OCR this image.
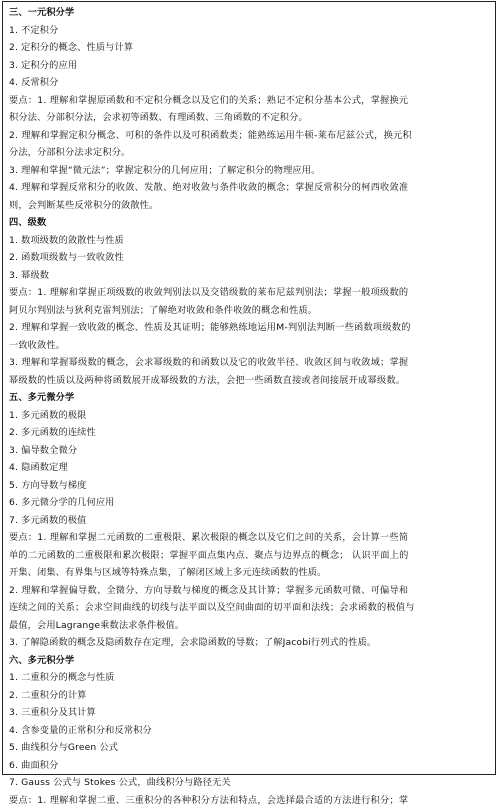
三、一元积分学
1. 不定积分
2. 定积分的概念、性质与计算
3. 定积分的应用
4. 反常积分
要点：1. 理解和掌握原函数和不定积分概念以及它们的关系；熟记不定积分基本公式，掌握换元
积分法、分部积分法，会求初等函数、有理函数、三角函数的不定积分。
2. 理解和掌握定积分概念、可积的条件以及可积函数类；能熟练运用牛顿-莱布尼兹公式，换元积
分法，分部积分法求定积分。
3. 理解和掌握“微元法”；掌握定积分的几何应用；了解定积分的物理应用。
4. 理解和掌握反常积分的收敛、发散、绝对收敛与条件收敛的概念；掌握反常积分的柯西收敛准
则，会判断某些反常积分的敛散性。
四、级数
1. 数项级数的敛散性与性质
2. 函数项级数与一致收敛性
3. 幂级数
要点：1. 理解和掌握正项级数的收敛判别法以及交错级数的莱布尼兹判别法；掌握一般项级数的
阿贝尔判别法与狄利克雷判别法；了解绝对收敛和条件收敛的概念和性质。
2. 理解和掌握一致收敛的概念、性质及其证明；能够熟练地运用M-判别法判断一些函数项级数的
一致收敛性。
3. 理解和掌握幂级数的概念，会求幂级数的和函数以及它的收敛半径、收敛区间与收敛域；掌握
幂级数的性质以及两种将函数展开成幂级数的方法，会把一些函数直接或者间接展开成幂级数。
五、多元微分学
1. 多元函数的极限
2. 多元函数的连续性
3. 偏导数全微分
4. 隐函数定理
5. 方向导数与梯度
6. 多元微分学的几何应用
7. 多元函数的极值
要点：1. 理解和掌握二元函数的二重极限、累次极限的概念以及它们之间的关系，会计算一些简
单的二元函数的二重极限和累次极限；掌握平面点集内点、聚点与边界点的概念； 认识平面上的
开集、闭集、有界集与区域等特殊点集，了解闭区域上多元连续函数的性质。
2. 理解和掌握偏导数、全微分、方向导数与梯度的概念及其计算；掌握多元函数可微、可偏导和
连续之间的关系；会求空间曲线的切线与法平面以及空间曲面的切平面和法线；会求函数的极值与
最值，会用Lagrange乘数法求条件极值。
3. 了解隐函数的概念及隐函数存在定理，会求隐函数的导数；了解Jacobi行列式的性质。
六、多元积分学
1. 二重积分的概念与性质
2. 二重积分的计算
3. 三重积分及其计算
4. 含参变量的正常积分和反常积分
5. 曲线积分与Green 公式
6. 曲面积分
7. Gauss 公式与 Stokes 公式，曲线积分与路径无关
要点：1. 理解和掌握二重、三重积分的各种积分方法和特点，会选择最合适的方法进行积分；掌
